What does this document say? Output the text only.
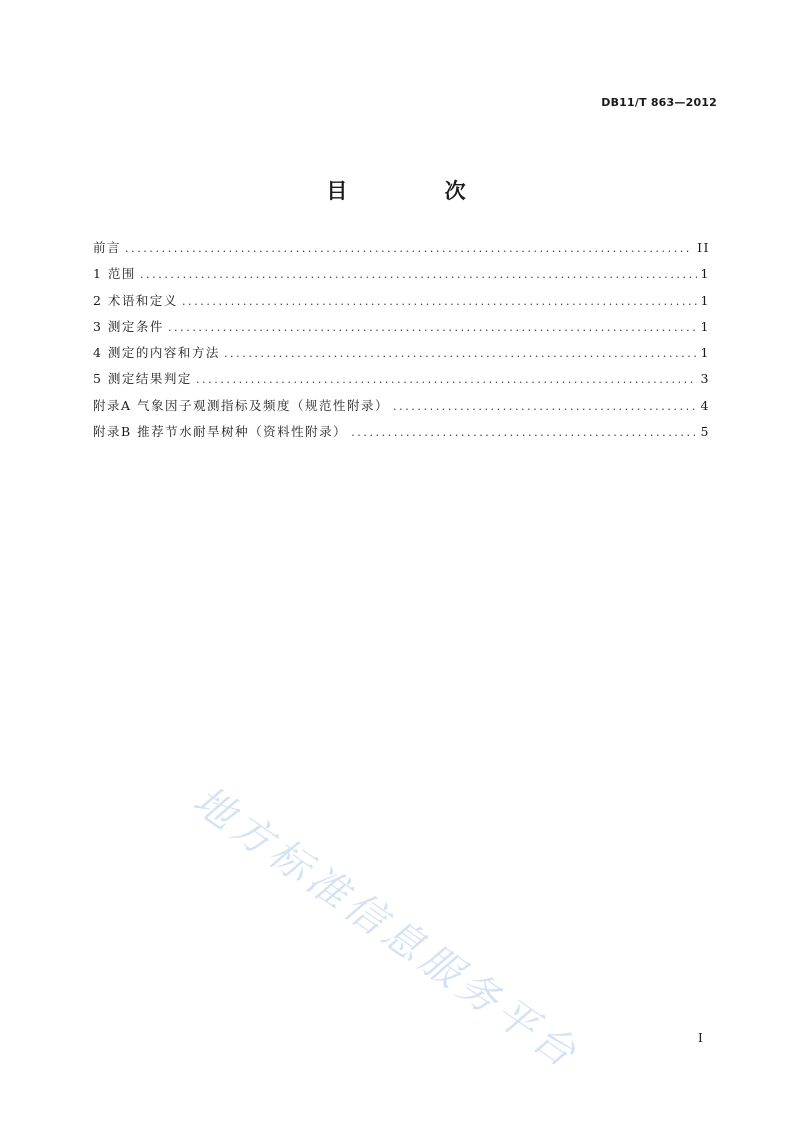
DB11/T 863—2012
目 次
前言 .....	II
1 范围 .....	1
2 术语和定义 .....	1
3 测定条件 .....	1
4 测定的内容和方法 .....	1
5 测定结果判定 .....	3
附录A 气象因子观测指标及频度（规范性附录） .....	4
附录B 推荐节水耐旱树种（资料性附录） .....	5
地方标准信息服务平台	I
